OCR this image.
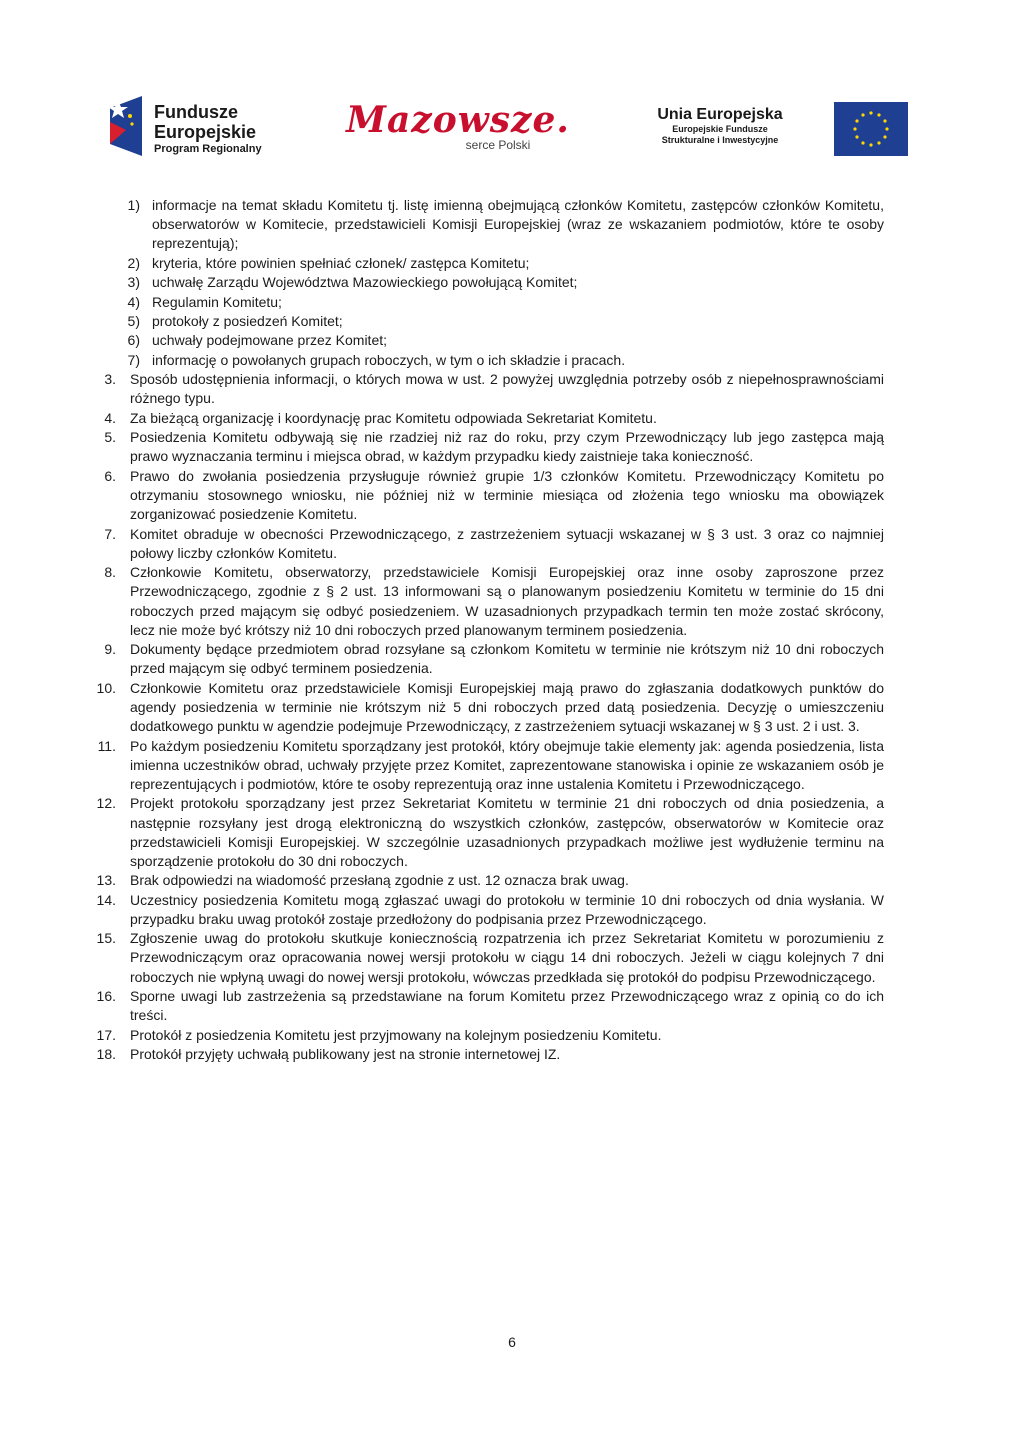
Fundusze
Europejskie
Program Regionalny
Mazowsze.
serce Polski
Unia Europejska
Europejskie Fundusze
Strukturalne i Inwestycyjne
1) informacje na temat składu Komitetu tj. listę imienną obejmującą członków Komitetu, zastępców członków Komitetu, obserwatorów w Komitecie, przedstawicieli Komisji Europejskiej (wraz ze wskazaniem podmiotów, które te osoby reprezentują);
2) kryteria, które powinien spełniać członek/ zastępca Komitetu;
3) uchwałę Zarządu Województwa Mazowieckiego powołującą Komitet;
4) Regulamin Komitetu;
5) protokoły z posiedzeń Komitet;
6) uchwały podejmowane przez Komitet;
7) informację o powołanych grupach roboczych, w tym o ich składzie i pracach.
3.	Sposób udostępnienia informacji, o których mowa w ust. 2 powyżej uwzględnia potrzeby osób z niepełnosprawnościami różnego typu.
4.	Za bieżącą organizację i koordynację prac Komitetu odpowiada Sekretariat Komitetu.
5.	Posiedzenia Komitetu odbywają się nie rzadziej niż raz do roku, przy czym Przewodniczący lub jego zastępca mają prawo wyznaczania terminu i miejsca obrad, w każdym przypadku kiedy zaistnieje taka konieczność.
6.	Prawo do zwołania posiedzenia przysługuje również grupie 1/3 członków Komitetu. Przewodniczący Komitetu po otrzymaniu stosownego wniosku, nie później niż w terminie miesiąca od złożenia tego wniosku ma obowiązek zorganizować posiedzenie Komitetu.
7.	Komitet obraduje w obecności Przewodniczącego, z zastrzeżeniem sytuacji wskazanej w § 3 ust. 3 oraz co najmniej połowy liczby członków Komitetu.
8.	Członkowie Komitetu, obserwatorzy, przedstawiciele Komisji Europejskiej oraz inne osoby zaproszone przez Przewodniczącego, zgodnie z § 2 ust. 13 informowani są o planowanym posiedzeniu Komitetu w terminie do 15 dni roboczych przed mającym się odbyć posiedzeniem. W uzasadnionych przypadkach termin ten może zostać skrócony, lecz nie może być krótszy niż 10 dni roboczych przed planowanym terminem posiedzenia.
9.	Dokumenty będące przedmiotem obrad rozsyłane są członkom Komitetu w terminie nie krótszym niż 10 dni roboczych przed mającym się odbyć terminem posiedzenia.
10.	Członkowie Komitetu oraz przedstawiciele Komisji Europejskiej mają prawo do zgłaszania dodatkowych punktów do agendy posiedzenia w terminie nie krótszym niż 5 dni roboczych przed datą posiedzenia. Decyzję o umieszczeniu dodatkowego punktu w agendzie podejmuje Przewodniczący, z zastrzeżeniem sytuacji wskazanej w § 3 ust. 2 i ust. 3.
11.	Po każdym posiedzeniu Komitetu sporządzany jest protokół, który obejmuje takie elementy jak: agenda posiedzenia, lista imienna uczestników obrad, uchwały przyjęte przez Komitet, zaprezentowane stanowiska i opinie ze wskazaniem osób je reprezentujących i podmiotów, które te osoby reprezentują oraz inne ustalenia Komitetu i Przewodniczącego.
12.	Projekt protokołu sporządzany jest przez Sekretariat Komitetu w terminie 21 dni roboczych od dnia posiedzenia, a następnie rozsyłany jest drogą elektroniczną do wszystkich członków, zastępców, obserwatorów w Komitecie oraz przedstawicieli Komisji Europejskiej. W szczególnie uzasadnionych przypadkach możliwe jest wydłużenie terminu na sporządzenie protokołu do 30 dni roboczych.
13.	Brak odpowiedzi na wiadomość przesłaną zgodnie z ust. 12 oznacza brak uwag.
14.	Uczestnicy posiedzenia Komitetu mogą zgłaszać uwagi do protokołu w terminie 10 dni roboczych od dnia wysłania. W przypadku braku uwag protokół zostaje przedłożony do podpisania przez Przewodniczącego.
15.	Zgłoszenie uwag do protokołu skutkuje koniecznością rozpatrzenia ich przez Sekretariat Komitetu w porozumieniu z Przewodniczącym oraz opracowania nowej wersji protokołu w ciągu 14 dni roboczych. Jeżeli w ciągu kolejnych 7 dni roboczych nie wpłyną uwagi do nowej wersji protokołu, wówczas przedkłada się protokół do podpisu Przewodniczącego.
16.	Sporne uwagi lub zastrzeżenia są przedstawiane na forum Komitetu przez Przewodniczącego wraz z opinią co do ich treści.
17.	Protokół z posiedzenia Komitetu jest przyjmowany na kolejnym posiedzeniu Komitetu.
18.	Protokół przyjęty uchwałą publikowany jest na stronie internetowej IZ.
6
